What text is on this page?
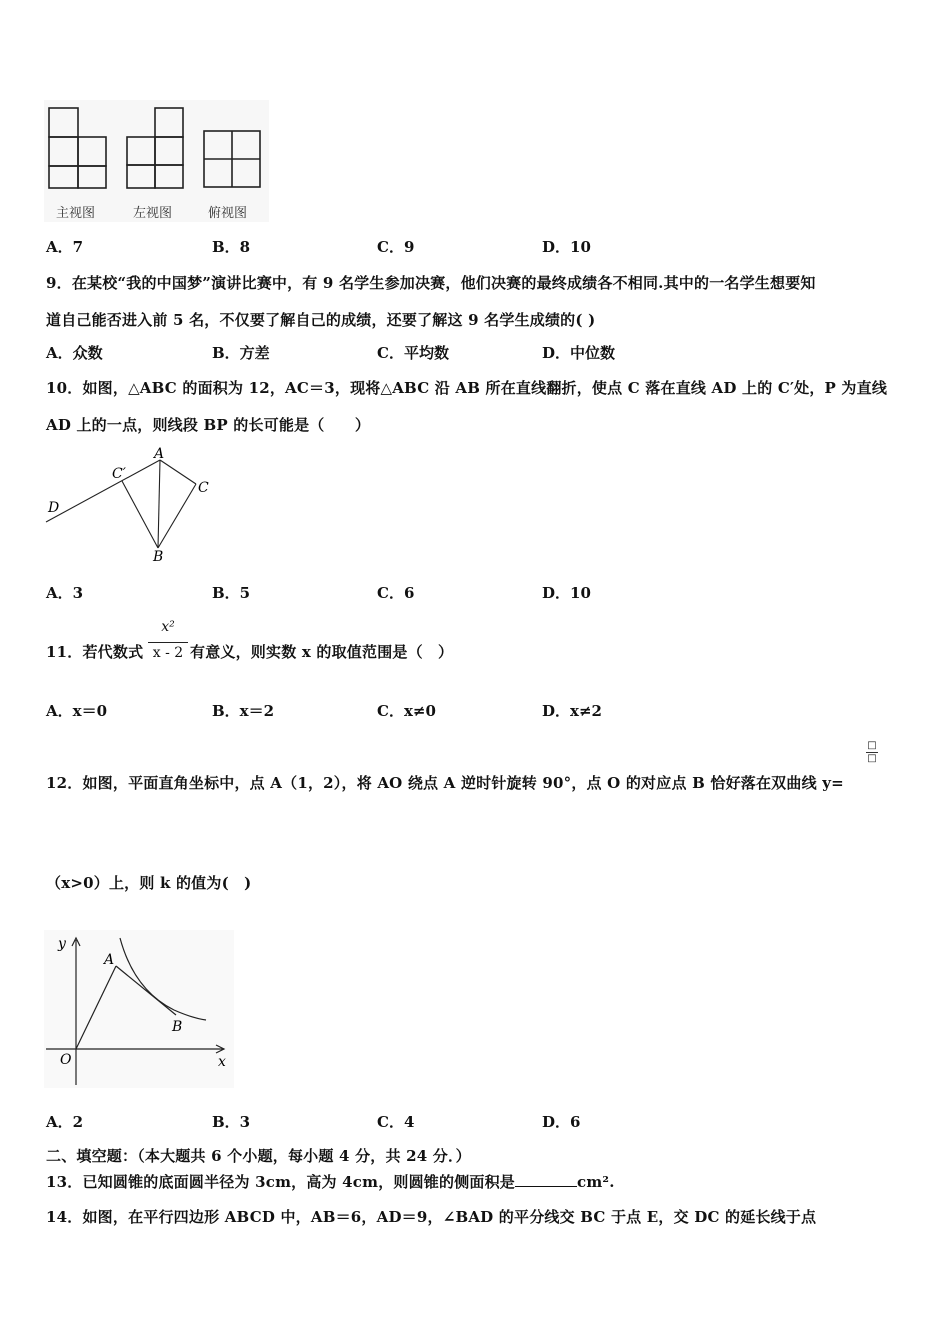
主视图	左视图	俯视图
A．7	B．8	C．9	D．10
9．在某校“我的中国梦”演讲比赛中，有 9 名学生参加决赛，他们决赛的最终成绩各不相同.其中的一名学生想要知
道自己能否进入前 5 名，不仅要了解自己的成绩，还要了解这 9 名学生成绩的( )
A．众数	B．方差	C．平均数	D．中位数
10．如图，△ABC 的面积为 12，AC＝3，现将△ABC 沿 AB 所在直线翻折，使点 C 落在直线 AD 上的 C′处，P 为直线
AD 上的一点，则线段 BP 的长可能是（　　）
A
C′
C
D
B
A．3	B．5	C．6	D．10
11．若代数式
x²
x - 2 有意义，则实数 x 的取值范围是（　）
A．x＝0	B．x＝2	C．x≠0	D．x≠2
12．如图，平面直角坐标中，点 A（1，2），将 AO 绕点 A 逆时针旋转 90°，点 O 的对应点 B 恰好落在双曲线 y=
□
□
（x>0）上，则 k 的值为(　)
y
x
O
A
B
A．2	B．3	C．4	D．6
二、填空题：（本大题共 6 个小题，每小题 4 分，共 24 分．）
13．已知圆锥的底面圆半径为 3cm，高为 4cm，则圆锥的侧面积是	cm².
14．如图，在平行四边形 ABCD 中，AB＝6，AD＝9，∠BAD 的平分线交 BC 于点 E，交 DC 的延长线于点
